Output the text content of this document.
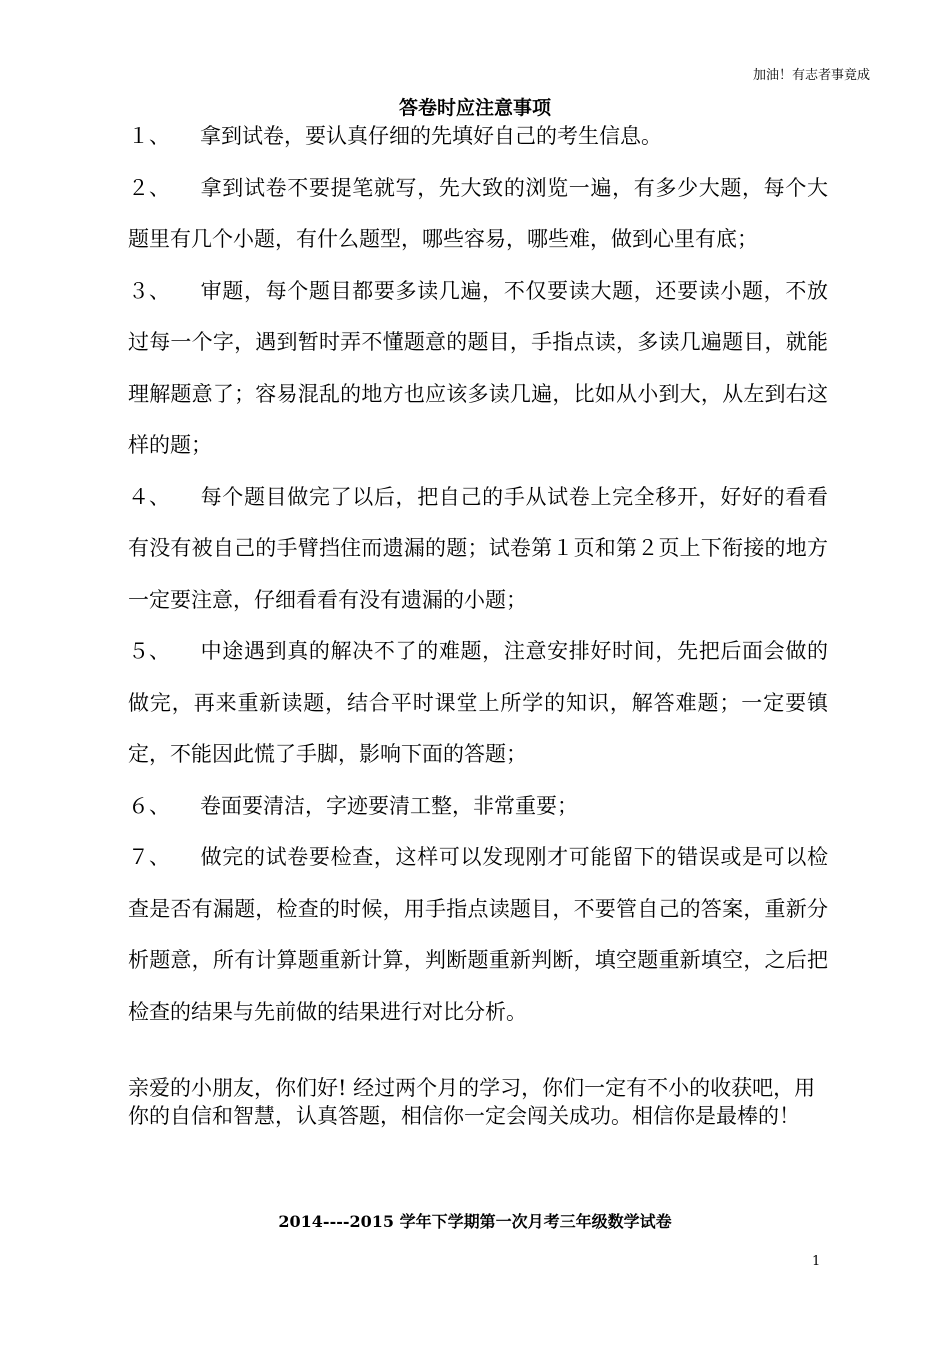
加油！有志者事竟成
答卷时应注意事项

１、 拿到试卷，要认真仔细的先填好自己的考生信息。

２、 拿到试卷不要提笔就写，先大致的浏览一遍，有多少大题，每个大题里有几个小题，有什么题型，哪些容易，哪些难，做到心里有底；

３、 审题，每个题目都要多读几遍，不仅要读大题，还要读小题，不放过每一个字，遇到暂时弄不懂题意的题目，手指点读，多读几遍题目，就能理解题意了；容易混乱的地方也应该多读几遍，比如从小到大，从左到右这样的题；

４、 每个题目做完了以后，把自己的手从试卷上完全移开，好好的看看有没有被自己的手臂挡住而遗漏的题；试卷第１页和第２页上下衔接的地方一定要注意，仔细看看有没有遗漏的小题；

５、 中途遇到真的解决不了的难题，注意安排好时间，先把后面会做的做完，再来重新读题，结合平时课堂上所学的知识，解答难题；一定要镇定，不能因此慌了手脚，影响下面的答题；

６、 卷面要清洁，字迹要清工整，非常重要；

７、 做完的试卷要检查，这样可以发现刚才可能留下的错误或是可以检查是否有漏题，检查的时候，用手指点读题目，不要管自己的答案，重新分析题意，所有计算题重新计算，判断题重新判断，填空题重新填空，之后把检查的结果与先前做的结果进行对比分析。

亲爱的小朋友，你们好! 经过两个月的学习，你们一定有不小的收获吧，用你的自信和智慧，认真答题，相信你一定会闯关成功。相信你是最棒的！

2014----2015 学年下学期第一次月考三年级数学试卷
1
